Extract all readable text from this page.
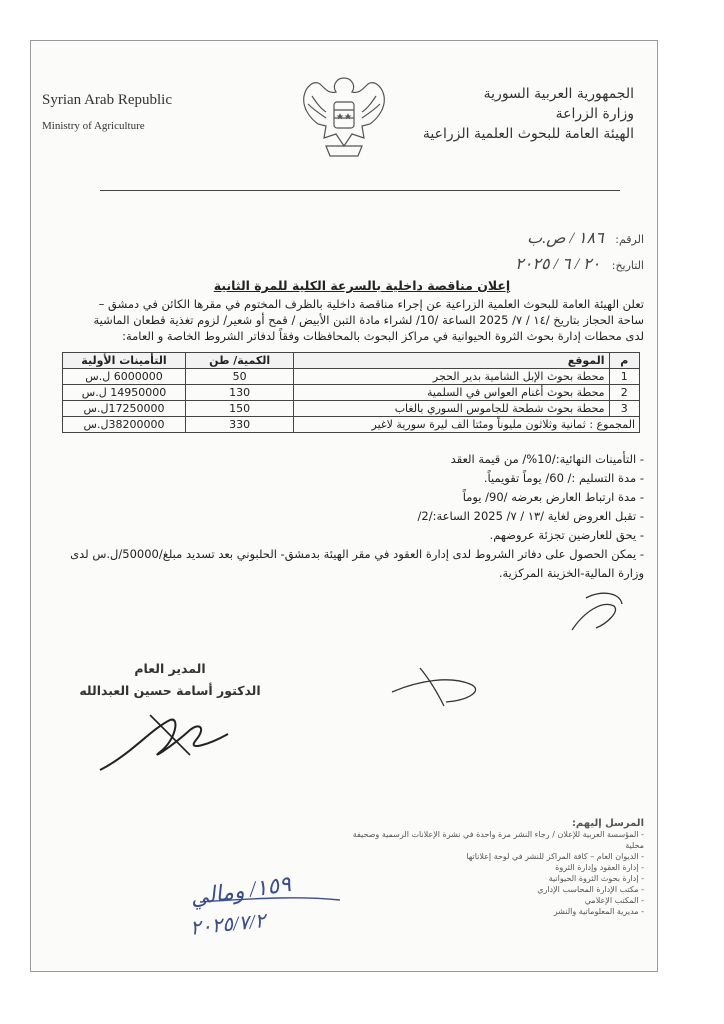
Syrian Arab Republic
Ministry of Agriculture
الجمهورية العربية السورية
وزارة الزراعة
الهيئة العامة للبحوث العلمية الزراعية
الرقم: ١٨٦ / ص.ب
التاريخ: ٢٠ / ٦ / ٢٠٢٥
إعلان مناقصة داخلية بالسرعة الكلية للمرة الثانية
تعلن الهيئة العامة للبحوث العلمية الزراعية عن إجراء مناقصة داخلية بالظرف المختوم في مقرها الكائن في دمشق – ساحة الحجاز بتاريخ /١٤ / ٧/ 2025 الساعة /10/ لشراء مادة التبن الأبيض / قمح أو شعير/ لزوم تغذية قطعان الماشية لدى محطات إدارة بحوث الثروة الحيوانية في مراكز البحوث بالمحافظات وفقاً لدفاتر الشروط الخاصة و العامة:
م	الموقع	الكمية/ طن	التأمينات الأولية
1	محطة بحوث الإبل الشامية بدير الحجر	50	6000000 ل.س
2	محطة بحوث أغنام العواس في السلمية	130	14950000 ل.س
3	محطة بحوث شطحة للجاموس السوري بالغاب	150	17250000ل.س
المجموع : ثمانية وثلاثون مليوناً ومئتا الف ليرة سورية لاغير		330	38200000ل.س
- التأمينات النهائية:/10%/ من قيمة العقد
- مدة التسليم :/ 60/ يوماً تقويمياً.
- مدة ارتباط العارض بعرضه /90/ يوماً
- تقبل العروض لغاية /١٣ / ٧/ 2025 الساعة:/2/
- يحق للعارضين تجزئة عروضهم.
- يمكن الحصول على دفاتر الشروط لدى إدارة العقود في مقر الهيئة بدمشق- الحلبوني بعد تسديد مبلغ/50000/ل.س لدى
وزارة المالية-الخزينة المركزية.
المدير العام
الدكتور أسامة حسين العبدالله
المرسل إليهم:
- المؤسسة العربية للإعلان / رجاء النشر مرة واحدة في نشرة الإعلانات الرسمية وصحيفة محلية
- الديوان العام – كافة المراكز للنشر في لوحة إعلاناتها
- إدارة العقود وإدارة الثروة
- إدارة بحوث الثروة الحيوانية
- مكتب الإدارة المحاسب الإداري
- المكتب الإعلامي
- مديرية المعلوماتية والنشر
١٥٩/ ومالي
٢٠٢٥/٧/٢
